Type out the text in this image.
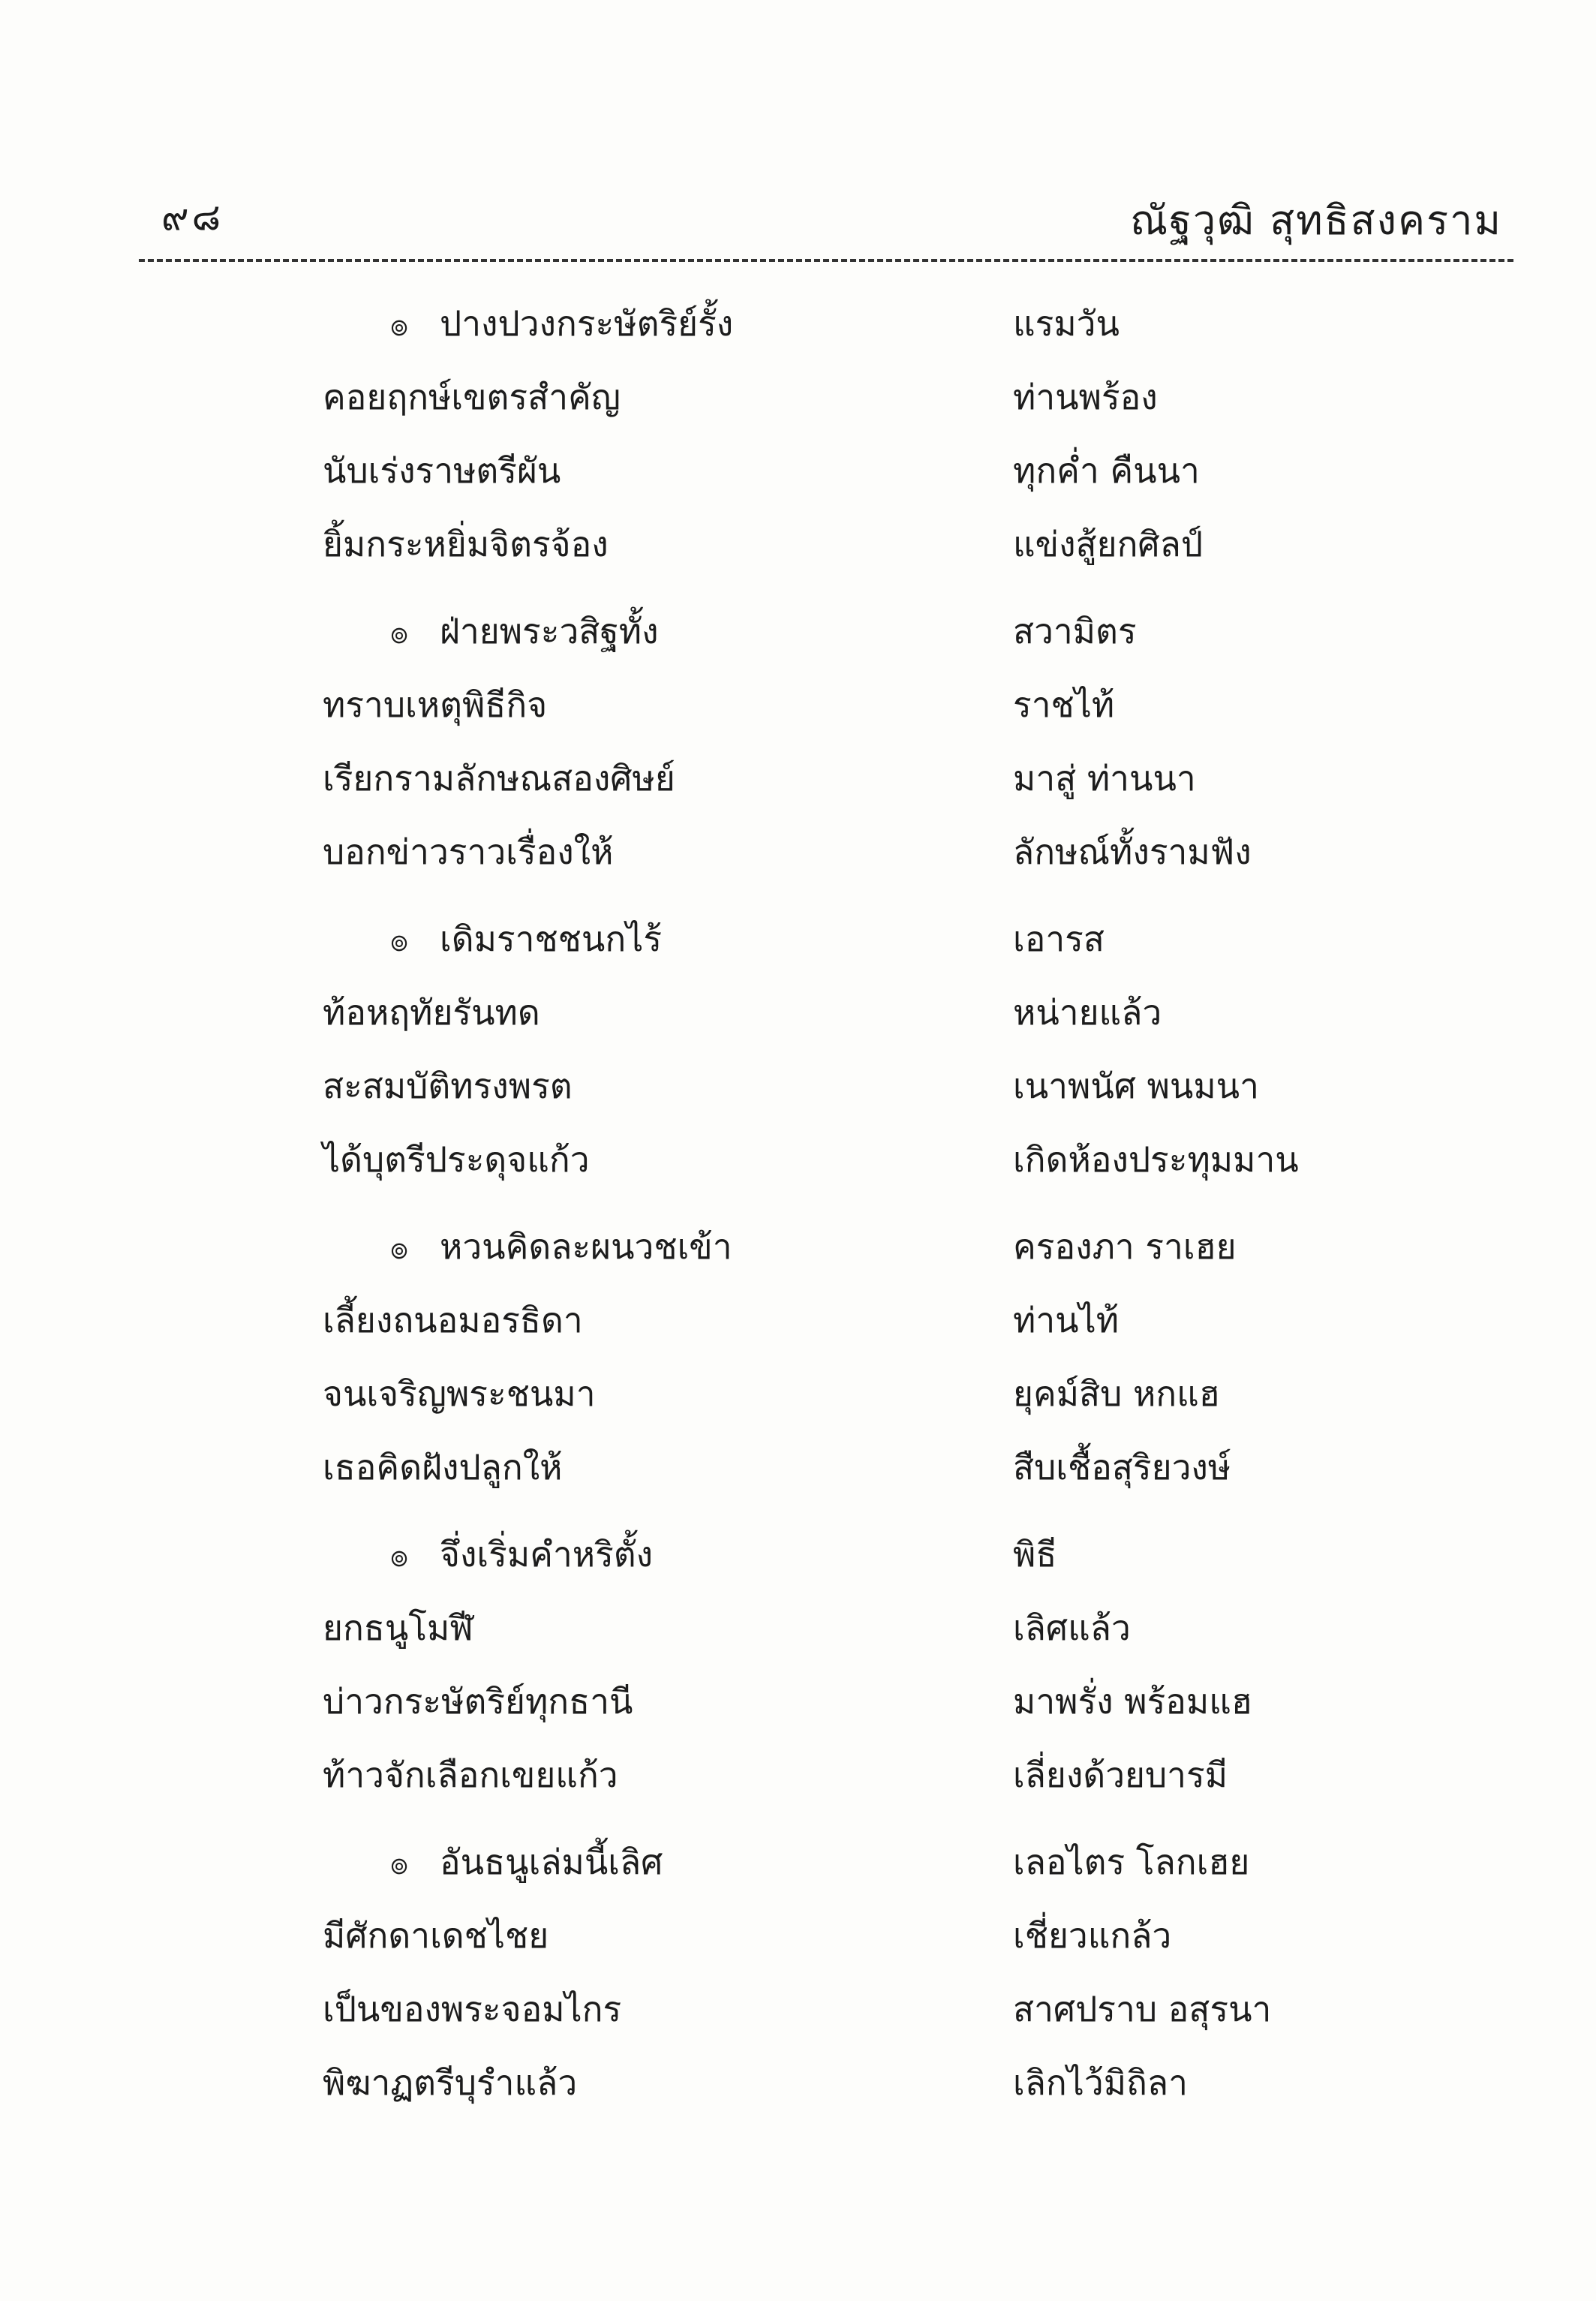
๙๘	ณัฐวุฒิ สุทธิสงคราม
๏ ปางปวงกระษัตริย์รั้ง	แรมวัน
คอยฤกษ์เขตรสำคัญ	ท่านพร้อง
นับเร่งราษตรีผัน	ทุกค่ำ คืนนา
ยิ้มกระหยิ่มจิตรจ้อง	แข่งสู้ยกศิลป์
๏ ฝ่ายพระวสิฐทั้ง	สวามิตร
ทราบเหตุพิธีกิจ	ราชไท้
เรียกรามลักษณสองศิษย์	มาสู่ ท่านนา
บอกข่าวราวเรื่องให้	ลักษณ์ทั้งรามฟัง
๏ เดิมราชชนกไร้	เอารส
ท้อหฤทัยรันทด	หน่ายแล้ว
สะสมบัติทรงพรต	เนาพนัศ พนมนา
ได้บุตรีประดุจแก้ว	เกิดห้องประทุมมาน
๏ หวนคิดละผนวชเข้า	ครองภา ราเฮย
เลี้ยงถนอมอรธิดา	ท่านไท้
จนเจริญพระชนมา	ยุคม์สิบ หกแฮ
เธอคิดฝังปลูกให้	สืบเชื้อสุริยวงษ์
๏ จึ่งเริ่มคำหริตั้ง	พิธี
ยกธนูโมฬี	เลิศแล้ว
บ่าวกระษัตริย์ทุกธานี	มาพรั่ง พร้อมแฮ
ท้าวจักเลือกเขยแก้ว	เลี่ยงด้วยบารมี
๏ อันธนูเล่มนี้เลิศ	เลอไตร โลกเฮย
มีศักดาเดชไชย	เชี่ยวแกล้ว
เป็นของพระจอมไกร	สาศปราบ อสุรนา
พิฆาฏตรีบุรำแล้ว	เลิกไว้มิถิลา
